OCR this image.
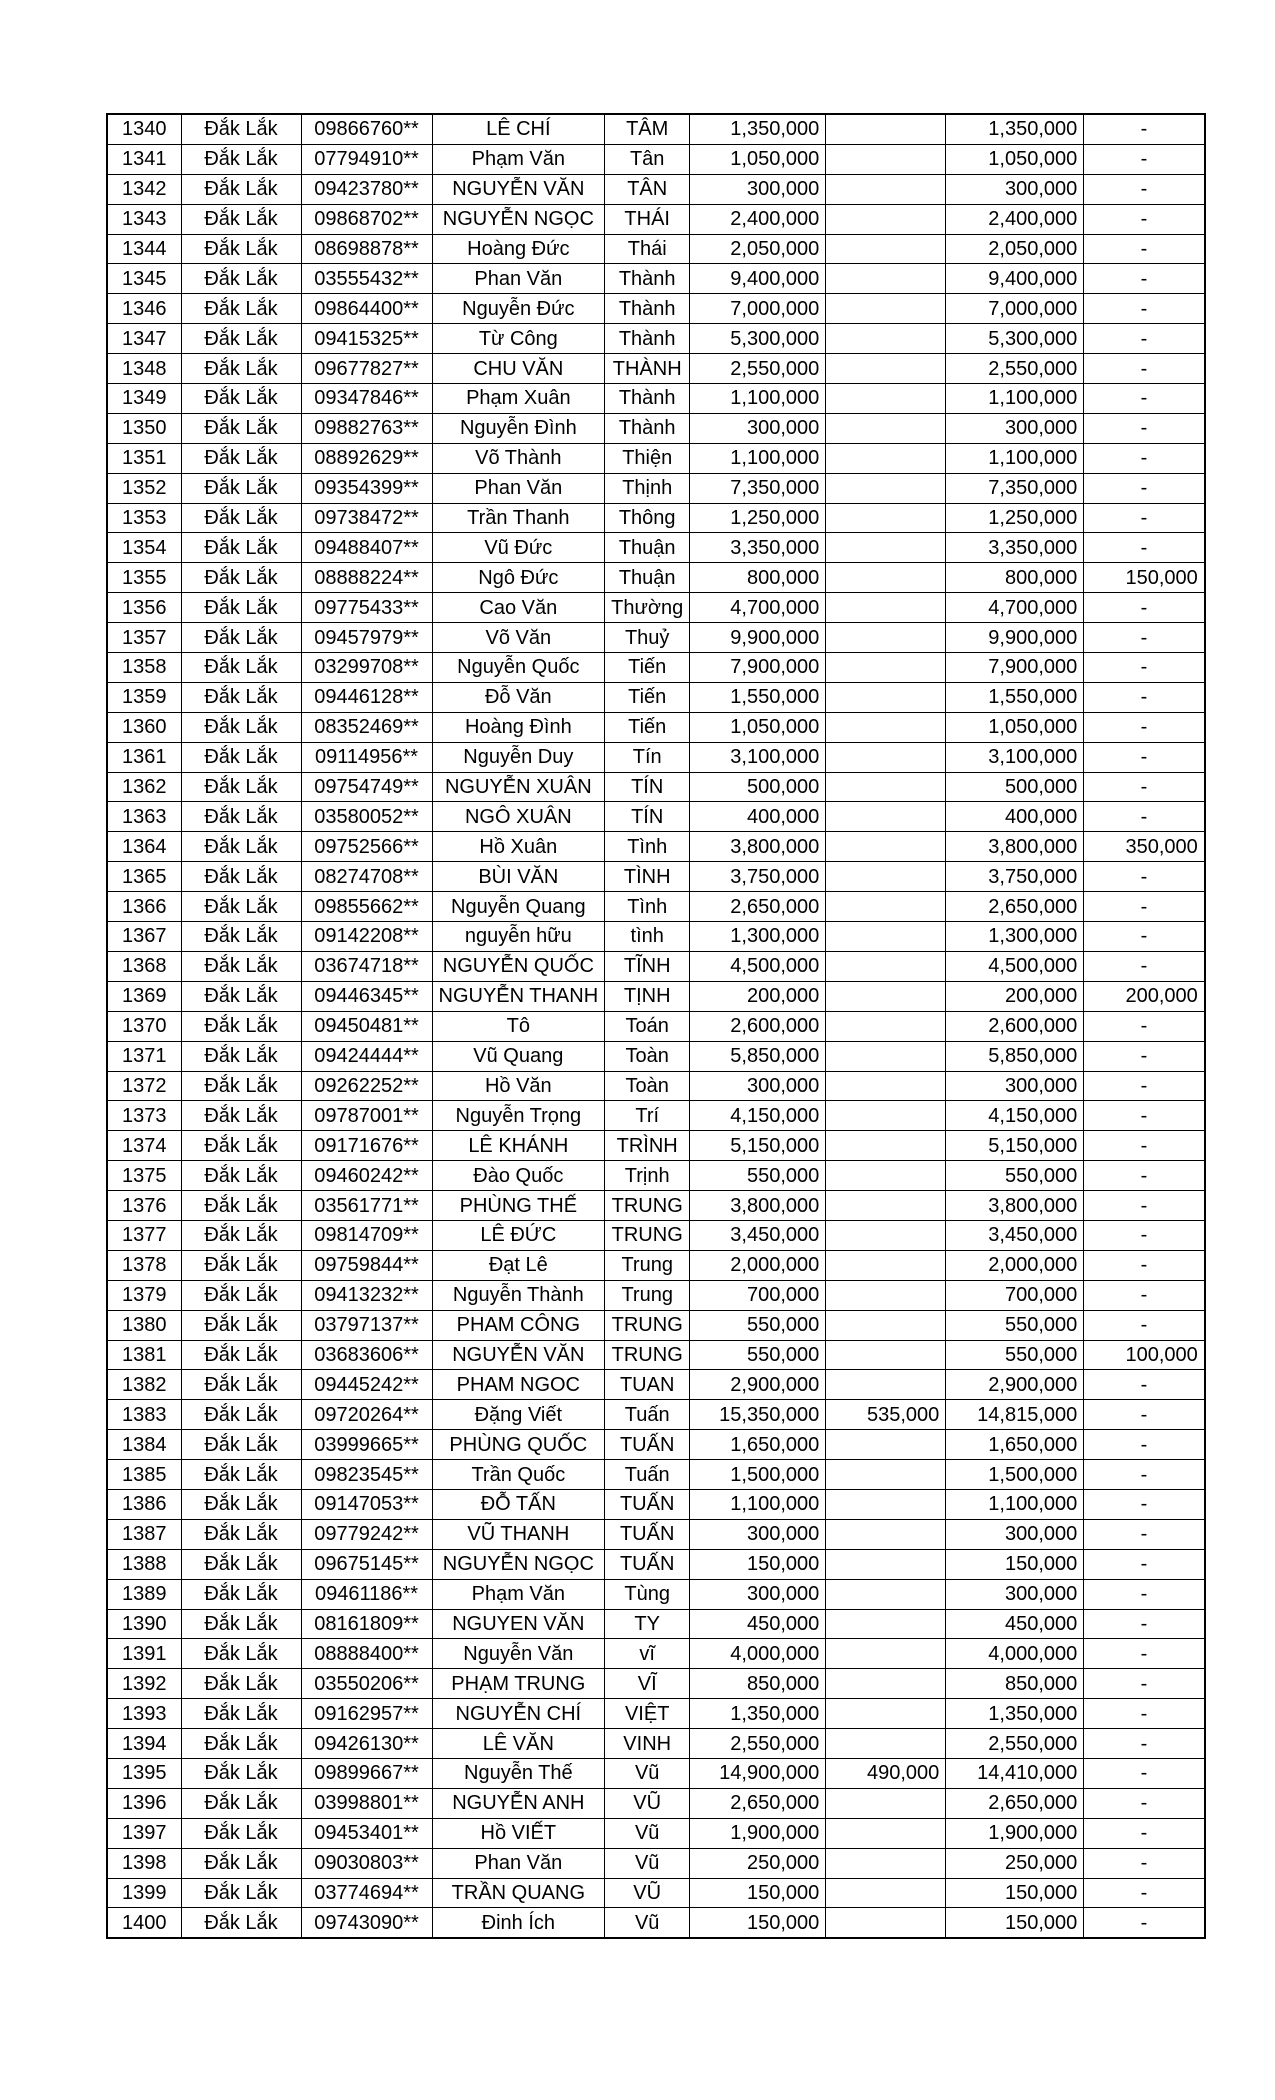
1340	Đắk Lắk	09866760**	LÊ CHÍ	TÂM	1,350,000		1,350,000	-
1341	Đắk Lắk	07794910**	Phạm Văn	Tân	1,050,000		1,050,000	-
1342	Đắk Lắk	09423780**	NGUYỄN VĂN	TÂN	300,000		300,000	-
1343	Đắk Lắk	09868702**	NGUYỄN NGỌC	THÁI	2,400,000		2,400,000	-
1344	Đắk Lắk	08698878**	Hoàng Đức	Thái	2,050,000		2,050,000	-
1345	Đắk Lắk	03555432**	Phan Văn	Thành	9,400,000		9,400,000	-
1346	Đắk Lắk	09864400**	Nguyễn Đức	Thành	7,000,000		7,000,000	-
1347	Đắk Lắk	09415325**	Từ Công	Thành	5,300,000		5,300,000	-
1348	Đắk Lắk	09677827**	CHU VĂN	THÀNH	2,550,000		2,550,000	-
1349	Đắk Lắk	09347846**	Phạm Xuân	Thành	1,100,000		1,100,000	-
1350	Đắk Lắk	09882763**	Nguyễn Đình	Thành	300,000		300,000	-
1351	Đắk Lắk	08892629**	Võ Thành	Thiện	1,100,000		1,100,000	-
1352	Đắk Lắk	09354399**	Phan Văn	Thịnh	7,350,000		7,350,000	-
1353	Đắk Lắk	09738472**	Trần Thanh	Thông	1,250,000		1,250,000	-
1354	Đắk Lắk	09488407**	Vũ Đức	Thuận	3,350,000		3,350,000	-
1355	Đắk Lắk	08888224**	Ngô Đức	Thuận	800,000		800,000	150,000
1356	Đắk Lắk	09775433**	Cao Văn	Thường	4,700,000		4,700,000	-
1357	Đắk Lắk	09457979**	Võ Văn	Thuỷ	9,900,000		9,900,000	-
1358	Đắk Lắk	03299708**	Nguyễn Quốc	Tiến	7,900,000		7,900,000	-
1359	Đắk Lắk	09446128**	Đỗ Văn	Tiến	1,550,000		1,550,000	-
1360	Đắk Lắk	08352469**	Hoàng Đình	Tiến	1,050,000		1,050,000	-
1361	Đắk Lắk	09114956**	Nguyễn Duy	Tín	3,100,000		3,100,000	-
1362	Đắk Lắk	09754749**	NGUYỄN XUÂN	TÍN	500,000		500,000	-
1363	Đắk Lắk	03580052**	NGÔ XUÂN	TÍN	400,000		400,000	-
1364	Đắk Lắk	09752566**	Hồ Xuân	Tình	3,800,000		3,800,000	350,000
1365	Đắk Lắk	08274708**	BÙI VĂN	TÌNH	3,750,000		3,750,000	-
1366	Đắk Lắk	09855662**	Nguyễn Quang	Tình	2,650,000		2,650,000	-
1367	Đắk Lắk	09142208**	nguyễn hữu	tình	1,300,000		1,300,000	-
1368	Đắk Lắk	03674718**	NGUYỄN QUỐC	TĨNH	4,500,000		4,500,000	-
1369	Đắk Lắk	09446345**	NGUYỄN THANH	TỊNH	200,000		200,000	200,000
1370	Đắk Lắk	09450481**	Tô	Toán	2,600,000		2,600,000	-
1371	Đắk Lắk	09424444**	Vũ Quang	Toàn	5,850,000		5,850,000	-
1372	Đắk Lắk	09262252**	Hồ Văn	Toàn	300,000		300,000	-
1373	Đắk Lắk	09787001**	Nguyễn Trọng	Trí	4,150,000		4,150,000	-
1374	Đắk Lắk	09171676**	LÊ KHÁNH	TRÌNH	5,150,000		5,150,000	-
1375	Đắk Lắk	09460242**	Đào Quốc	Trịnh	550,000		550,000	-
1376	Đắk Lắk	03561771**	PHÙNG THẾ	TRUNG	3,800,000		3,800,000	-
1377	Đắk Lắk	09814709**	LÊ ĐỨC	TRUNG	3,450,000		3,450,000	-
1378	Đắk Lắk	09759844**	Đạt Lê	Trung	2,000,000		2,000,000	-
1379	Đắk Lắk	09413232**	Nguyễn Thành	Trung	700,000		700,000	-
1380	Đắk Lắk	03797137**	PHAM CÔNG	TRUNG	550,000		550,000	-
1381	Đắk Lắk	03683606**	NGUYỄN VĂN	TRUNG	550,000		550,000	100,000
1382	Đắk Lắk	09445242**	PHAM NGOC	TUAN	2,900,000		2,900,000	-
1383	Đắk Lắk	09720264**	Đặng Viết	Tuấn	15,350,000	535,000	14,815,000	-
1384	Đắk Lắk	03999665**	PHÙNG QUỐC	TUẤN	1,650,000		1,650,000	-
1385	Đắk Lắk	09823545**	Trần Quốc	Tuấn	1,500,000		1,500,000	-
1386	Đắk Lắk	09147053**	ĐỖ TẤN	TUẤN	1,100,000		1,100,000	-
1387	Đắk Lắk	09779242**	VŨ THANH	TUẤN	300,000		300,000	-
1388	Đắk Lắk	09675145**	NGUYỄN NGỌC	TUẤN	150,000		150,000	-
1389	Đắk Lắk	09461186**	Phạm Văn	Tùng	300,000		300,000	-
1390	Đắk Lắk	08161809**	NGUYEN VĂN	TY	450,000		450,000	-
1391	Đắk Lắk	08888400**	Nguyễn Văn	vĩ	4,000,000		4,000,000	-
1392	Đắk Lắk	03550206**	PHẠM TRUNG	VĨ	850,000		850,000	-
1393	Đắk Lắk	09162957**	NGUYỄN CHÍ	VIỆT	1,350,000		1,350,000	-
1394	Đắk Lắk	09426130**	LÊ VĂN	VINH	2,550,000		2,550,000	-
1395	Đắk Lắk	09899667**	Nguyễn Thế	Vũ	14,900,000	490,000	14,410,000	-
1396	Đắk Lắk	03998801**	NGUYỄN ANH	VŨ	2,650,000		2,650,000	-
1397	Đắk Lắk	09453401**	Hồ VIẾT	Vũ	1,900,000		1,900,000	-
1398	Đắk Lắk	09030803**	Phan Văn	Vũ	250,000		250,000	-
1399	Đắk Lắk	03774694**	TRẦN QUANG	VŨ	150,000		150,000	-
1400	Đắk Lắk	09743090**	Đinh Ích	Vũ	150,000		150,000	-
